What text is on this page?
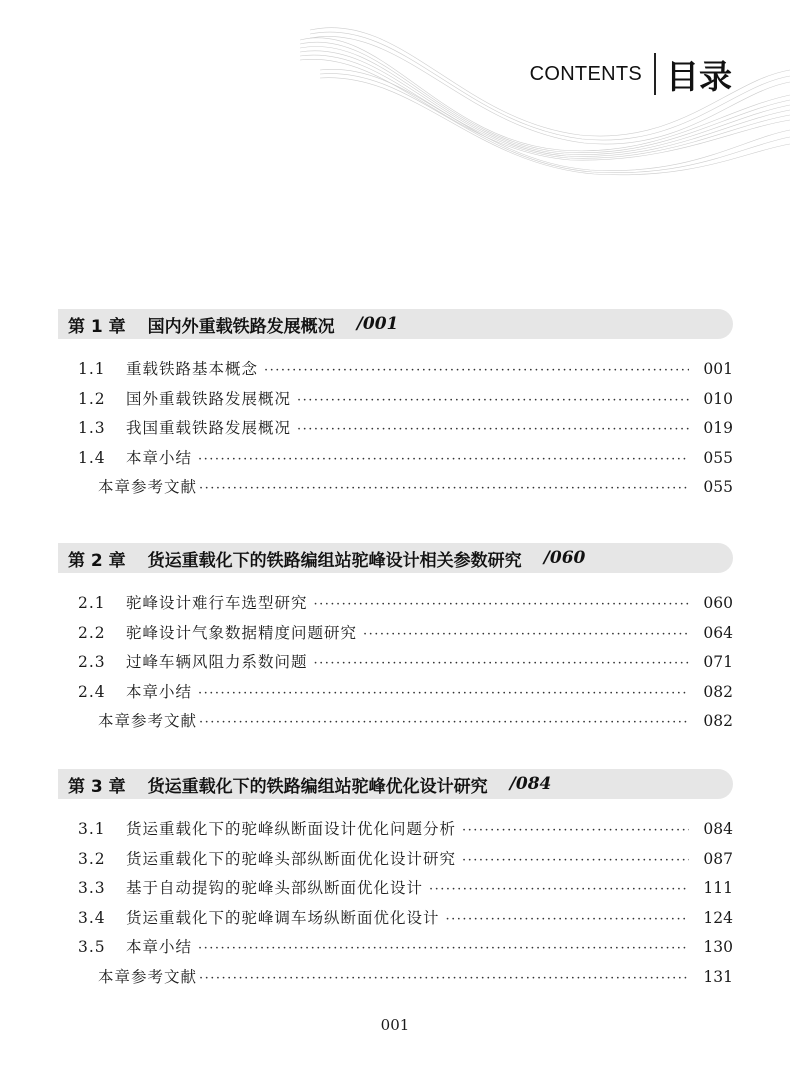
CONTENTS 目录
第 1 章 国内外重载铁路发展概况 /001
1.1	重载铁路基本概念 ·····	001
1.2	国外重载铁路发展概况 ·····	010
1.3	我国重载铁路发展概况 ·····	019
1.4	本章小结 ·····	055
本章参考文献 ·····	055
第 2 章 货运重载化下的铁路编组站驼峰设计相关参数研究 /060
2.1	驼峰设计难行车选型研究 ·····	060
2.2	驼峰设计气象数据精度问题研究 ·····	064
2.3	过峰车辆风阻力系数问题 ·····	071
2.4	本章小结 ·····	082
本章参考文献 ·····	082
第 3 章 货运重载化下的铁路编组站驼峰优化设计研究 /084
3.1	货运重载化下的驼峰纵断面设计优化问题分析 ·····	084
3.2	货运重载化下的驼峰头部纵断面优化设计研究 ·····	087
3.3	基于自动提钩的驼峰头部纵断面优化设计 ·····	111
3.4	货运重载化下的驼峰调车场纵断面优化设计 ·····	124
3.5	本章小结 ·····	130
本章参考文献 ·····	131
001
